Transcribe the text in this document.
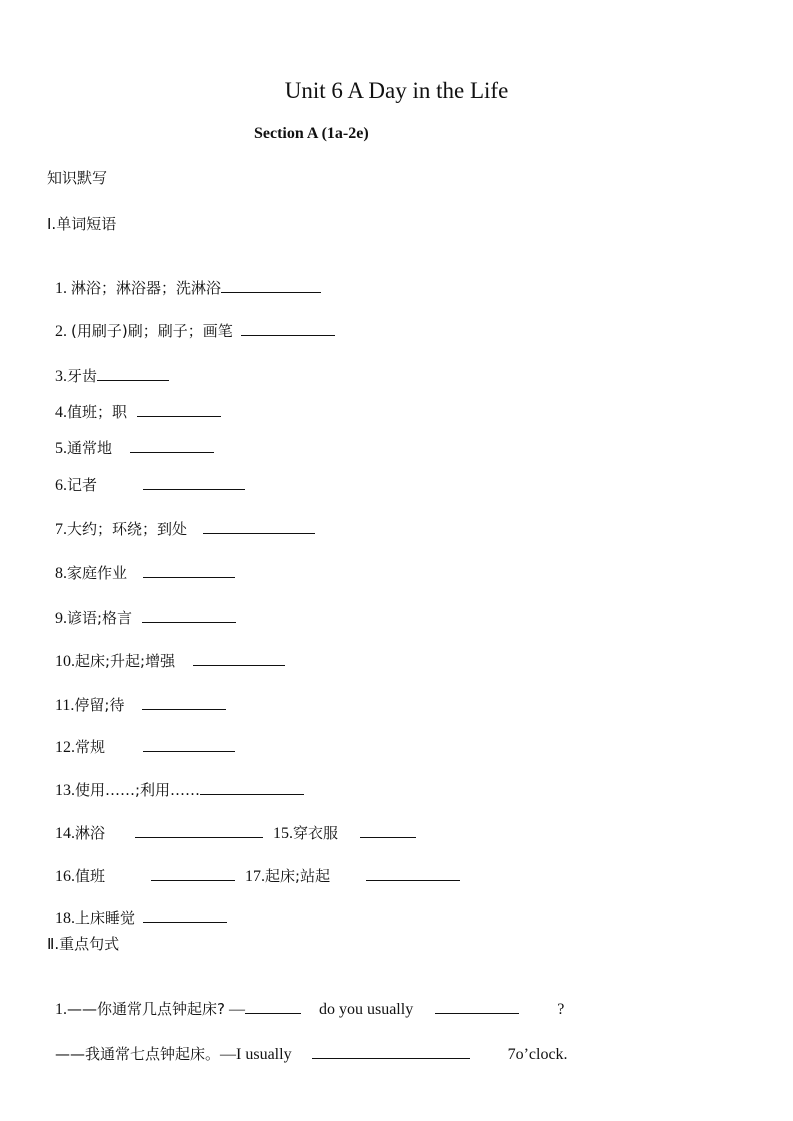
Unit 6 A Day in the Life
Section A (1a-2e)
知识默写
Ⅰ.单词短语

1. 淋浴；淋浴器；洗淋浴

2. (用刷子)刷；刷子；画笔

3.牙齿

4.值班；职

5.通常地

6.记者

7.大约；环绕；到处

8.家庭作业

9.谚语;格言

10.起床;升起;增强

11.停留;待

12.常规

13.使用……;利用……

14.淋浴	15.穿衣服

16.值班	17.起床;站起

18.上床睡觉

Ⅱ.重点句式

1.——你通常几点钟起床? —	do you usually	?

——我通常七点钟起床。—I usually	7o’clock.
